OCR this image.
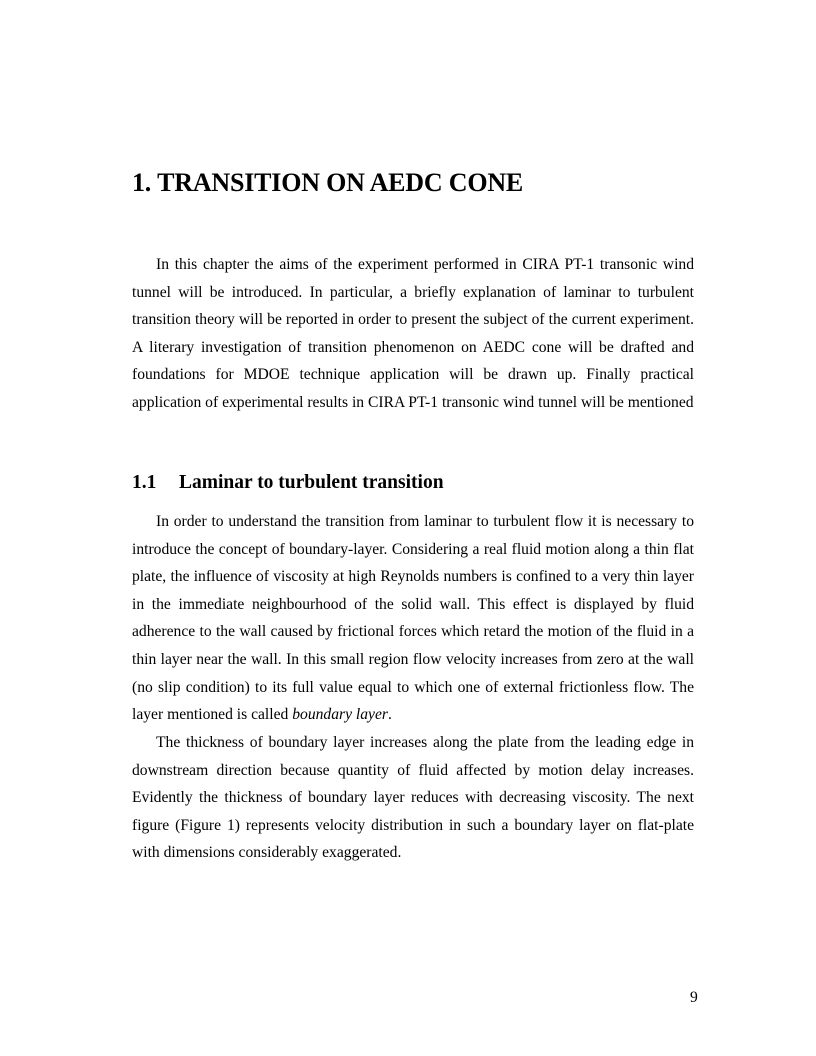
1. TRANSITION ON AEDC CONE

In this chapter the aims of the experiment performed in CIRA PT-1 transonic wind tunnel will be introduced. In particular, a briefly explanation of laminar to turbulent transition theory will be reported in order to present the subject of the current experiment. A literary investigation of transition phenomenon on AEDC cone will be drafted and foundations for MDOE technique application will be drawn up. Finally practical application of experimental results in CIRA PT-1 transonic wind tunnel will be mentioned

1.1 Laminar to turbulent transition

In order to understand the transition from laminar to turbulent flow it is necessary to introduce the concept of boundary-layer. Considering a real fluid motion along a thin flat plate, the influence of viscosity at high Reynolds numbers is confined to a very thin layer in the immediate neighbourhood of the solid wall. This effect is displayed by fluid adherence to the wall caused by frictional forces which retard the motion of the fluid in a thin layer near the wall. In this small region flow velocity increases from zero at the wall (no slip condition) to its full value equal to which one of external frictionless flow. The layer mentioned is called boundary layer.

The thickness of boundary layer increases along the plate from the leading edge in downstream direction because quantity of fluid affected by motion delay increases. Evidently the thickness of boundary layer reduces with decreasing viscosity. The next figure (Figure 1) represents velocity distribution in such a boundary layer on flat-plate with dimensions considerably exaggerated.

9
